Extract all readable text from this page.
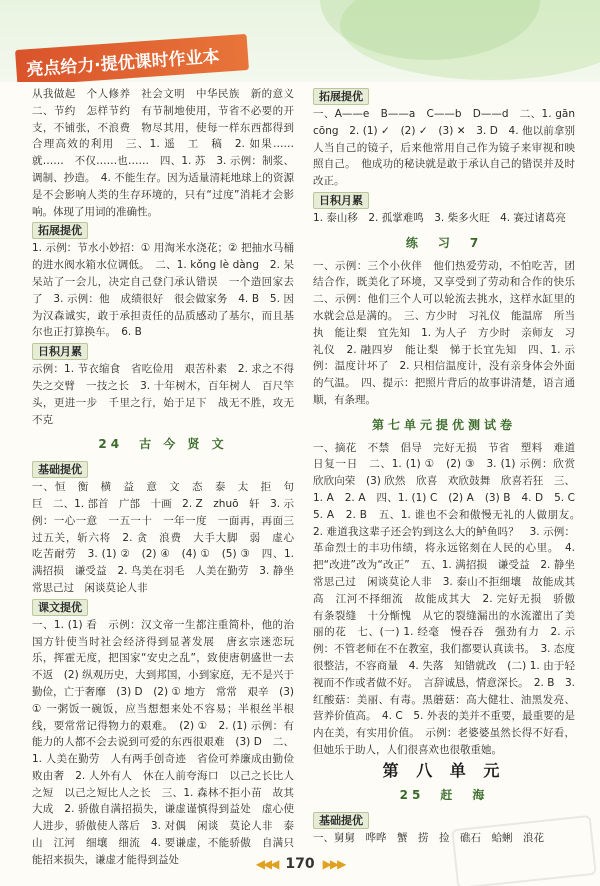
亮点给力·提优课时作业本
从我做起　个人修养　社会文明　中华民族　新的意义　二、节约　怎样节约　有节制地使用，节省不必要的开支，不铺张，不浪费　物尽其用，使每一样东西都得到合理高效的利用　三、1. 遥　工　稿　2. 如果……就……　不仅……也……　四、1. 苏　3. 示例：制浆、调制、抄造。　4. 不能生存。因为适量清耗地球上的资源是不会影响人类的生存环境的，只有“过度”消耗才会影响。体现了用词的准确性。
拓展提优
1. 示例：节水小妙招：① 用淘米水浇花；② 把抽水马桶的进水阀水箱水位调低。　二、1. kǒng lè dàng　2. 呆呆站了一会儿，决定自己登门承认错误　一个造回家去了　3. 示例：他　成绩很好　很会做家务　4. B　5. 因为汉森诚实，敢于承担责任的品质感动了基尔，而且基尔也正打算换车。　6. B
日积月累
示例：1. 节衣缩食　省吃俭用　艰苦朴素　2. 求之不得　失之交臂　一技之长　3. 十年树木，百年树人　百尺竿头，更进一步　千里之行，始于足下　战无不胜，攻无不克
24　古 今 贤 文
基础提优
一、恒　衡　横　益　意　文　态　泰　太　拒　句　巨　二、1. 部首　广部　十画　2. Z　zhuō　轩　3. 示例：一心一意　一五一十　一年一度　一面再，再面三　过五关，斩六将　2. 贪　浪费　大手大脚　弱　虚心　吃苦耐劳　3. (1) ②　(2) ④　(4) ①　(5) ③　四、1. 满招损　谦受益　2. 鸟美在羽毛　人美在勤劳　3. 静坐常思己过　闲谈莫论人非
课文提优
一、1. (1) 看　示例：汉文帝一生都注重简朴，他的治国方针使当时社会经济得到显著发展　唐玄宗迷恋玩乐，挥霍无度，把国家“安史之乱”，致使唐朝盛世一去不返　(2) 纵观历史，大到邦国，小到家庭，无不是兴于勤俭，亡于奢靡　(3) D　(2) ① 地方　常常　艰辛　(3) ① 一粥饭一碗饭，应当想想来处不容易；半根丝半根线，要常常记得物力的艰难。　(2) ①　2. (1) 示例：有能力的人都不会去说到可爱的东西很艰难　(3) D　二、1. 人美在勤劳　人有两手创奇迹　省俭可养廉成由勤俭败由奢　2. 人外有人　休在人前夸海口　以己之长比人之短　以己之短比人之长　三、1. 森林不拒小苗　故其大成　2. 骄傲自满招损失，谦虚谨慎得到益处　虚心使人进步，骄傲使人落后　3. 对偶　闲谈　莫论人非　泰山　江河　细壤　细流　4. 要谦虚，不能骄傲　自满只能招来损失，谦虚才能得到益处
拓展提优
一、A——e　B——a　C——b　D——d　二、1. gān　cōng　2. (1) ✓　(2) ✓　(3) ✕　3. D　4. 他以前拿别人当自己的镜子，后来他常用自己作为镜子来审视和映照自己。　他成功的秘诀就是敢于承认自己的错误并及时改正。
日积月累
1. 泰山移　2. 孤掌难鸣　3. 柴多火旺　4. 赛过诸葛亮
练　习　7
一、示例：三个小伙伴　他们热爱劳动，不怕吃苦，团结合作，既美化了环境，又享受到了劳动和合作的快乐　二、示例：他们三个人可以轮流去挑水，这样水缸里的水就会总是满的。　三、方少时　习礼仪　能温席　所当执　能让梨　宜先知　1. 为人子　方少时　亲师友　习礼仪　2. 融四岁　能让梨　悌于长宜先知　四、1. 示例：温度计坏了　2. 只相信温度计，没有亲身体会外面的气温。　四、提示：把照片背后的故事讲清楚，语言通顺，有条理。
第七单元提优测试卷
一、摘花　不禁　倡导　完好无损　节省　塑料　难道　日复一日　二、1. (1) ①　(2) ③　3. (1) 示例：欣赏　欣欣向荣　(3) 欣然　欣喜　欢欣鼓舞　欣喜若狂　三、1. A　2. A　四、1. (1) C　(2) A　(3) B　4. D　5. C　5. A　2. B　五、1. 谁也不会和傲慢无礼的人做朋友。　2. 难道我这辈子还会钓到这么大的鲈鱼吗？　3. 示例：革命烈士的丰功伟绩，将永远铭刻在人民的心里。　4. 把“改进”改为“改正”　五、1. 满招损　谦受益　2. 静坐常思己过　闲谈莫论人非　3. 泰山不拒细壤　故能成其高　江河不择细流　故能成其大　2. 完好无损　骄傲　有条裂缝　十分惭愧　从它的裂缝漏出的水流灌出了美丽的花　七、(一) 1. 经毫　慢吞吞　强劲有力　2. 示例：不管老师在不在教室，我们都要认真读书。　3. 态度很整洁，不容商量　4. 失落　知错就改　(二) 1. 由于轻视而不作或者做不好。　言辞诚恳，情意深长。　2. B　3. 红酸菇：美丽、有毒。黑蘑菇：高大健壮、油黑发亮、营养价值高。　4. C　5. 外表的美并不重要，最重要的是内在美，有实用价值。　示例：老婆婆虽然长得不好看，但她乐于助人，人们很喜欢也很敬重她。
第 八 单 元
25　赶　海
基础提优
一、舅舅　哗哗　蟹　捞　捡　礁石　蛤蜊　浪花
◀◀◀ 170 ▶▶▶
